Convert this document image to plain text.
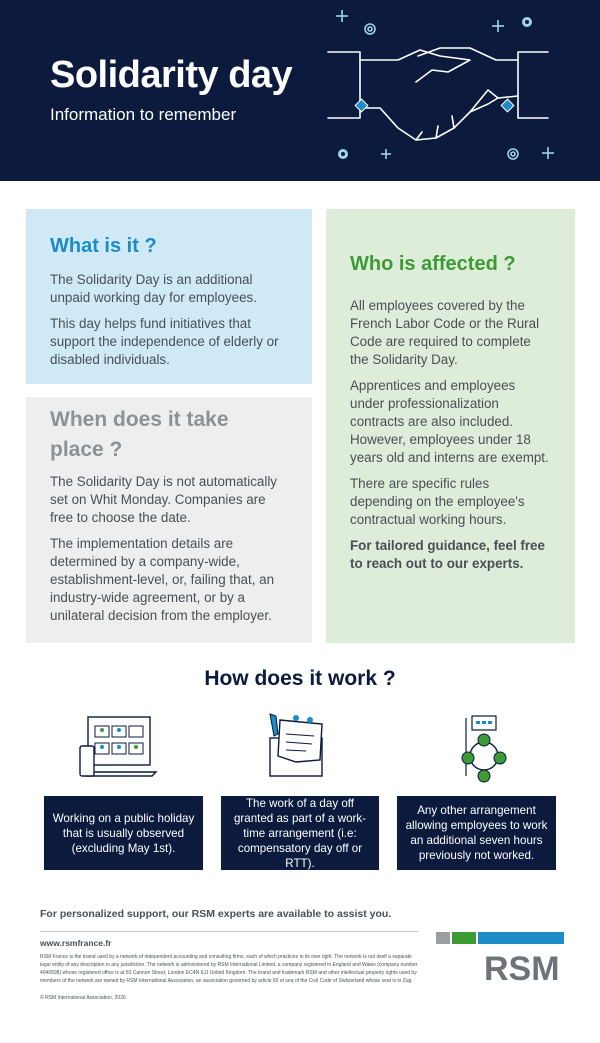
Solidarity day
Information to remember
What is it ?

The Solidarity Day is an additional unpaid working day for employees.

This day helps fund initiatives that support the independence of elderly or disabled individuals.

When does it take place ?

The Solidarity Day is not automatically set on Whit Monday. Companies are free to choose the date.

The implementation details are determined by a company-wide, establishment-level, or, failing that, an industry-wide agreement, or by a unilateral decision from the employer.

Who is affected ?

All employees covered by the French Labor Code or the Rural Code are required to complete the Solidarity Day.

Apprentices and employees under professionalization contracts are also included. However, employees under 18 years old and interns are exempt.

There are specific rules depending on the employee's contractual working hours.

For tailored guidance, feel free to reach out to our experts.

How does it work ?
Working on a public holiday that is usually observed (excluding May 1st).
The work of a day off granted as part of a work-time arrangement (i.e: compensatory day off or RTT).
Any other arrangement allowing employees to work an additional seven hours previously not worked.
For personalized support, our RSM experts are available to assist you.
www.rsmfrance.fr
RSM France is the brand used by a network of independent accounting and consulting firms, each of which practices in its own right. The network is not itself a separate legal entity of any description in any jurisdiction. The network is administered by RSM International Limited, a company registered in England and Wales (company number 4040598) whose registered office is at 50 Cannon Street, London EC4N 6JJ United Kingdom. The brand and trademark RSM and other intellectual property rights used by members of the network are owned by RSM International Association, an association governed by article 60 et seq of the Civil Code of Switzerland whose seat is in Zug.
© RSM International Association, 2026.
RSM
